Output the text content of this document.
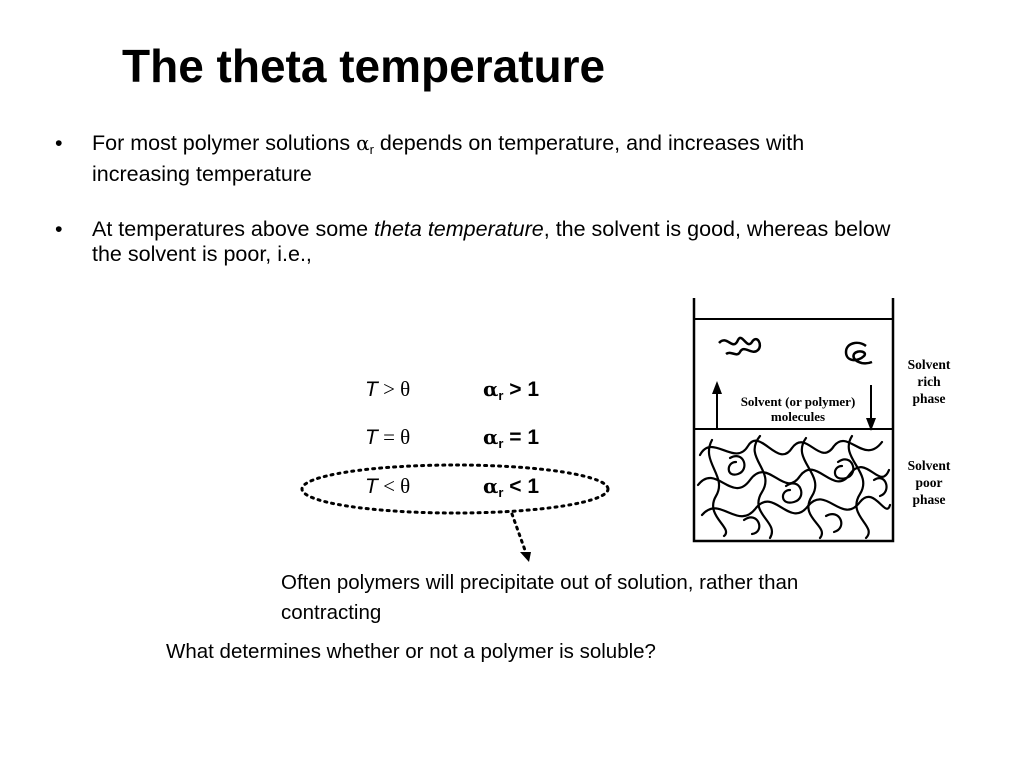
The theta temperature
• For most polymer solutions $\alpha_r$ depends on temperature, and increases with increasing temperature
• At temperatures above some theta temperature, the solvent is good, whereas below the solvent is poor, i.e.,
T > θ	$\alpha_r > 1$
T = θ	$\alpha_r = 1$
T < θ	$\alpha_r < 1$
Solvent (or polymer)
molecules
Solvent
rich
phase
Solvent
poor
phase
Often polymers will precipitate out of solution, rather than contracting
What determines whether or not a polymer is soluble?
